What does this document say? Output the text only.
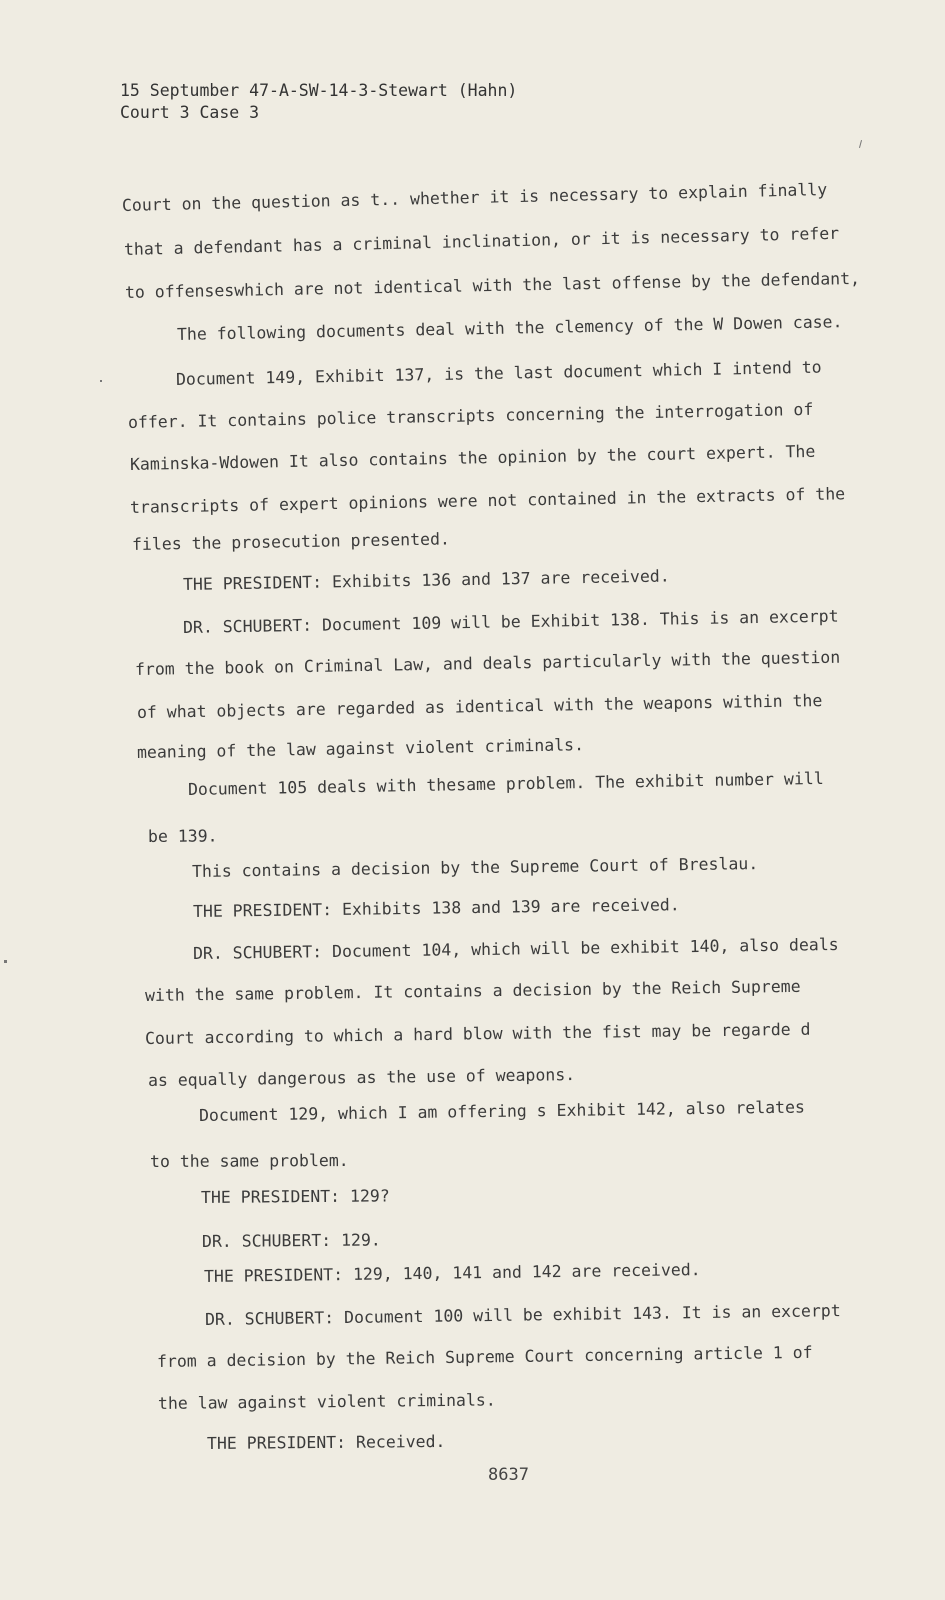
15 Septumber 47-A-SW-14-3-Stewart (Hahn)
Court 3 Case 3
Court on the question as t.. whether it is necessary to explain finally
that a defendant has a criminal inclination, or it is necessary to refer
to offenseswhich are not identical with the last offense by the defendant,
The following documents deal with the clemency of the W Dowen case.
Document 149, Exhibit 137, is the last document which I intend to
offer. It contains police transcripts concerning the interrogation of
Kaminska-Wdowen It also contains the opinion by the court expert. The
transcripts of expert opinions were not contained in the extracts of the
files the prosecution presented.
THE PRESIDENT: Exhibits 136 and 137 are received.
DR. SCHUBERT: Document 109 will be Exhibit 138. This is an excerpt
from the book on Criminal Law, and deals particularly with the question
of what objects are regarded as identical with the weapons within the
meaning of the law against violent criminals.
Document 105 deals with thesame problem. The exhibit number will
be 139.
This contains a decision by the Supreme Court of Breslau.
THE PRESIDENT: Exhibits 138 and 139 are received.
DR. SCHUBERT: Document 104, which will be exhibit 140, also deals
with the same problem. It contains a decision by the Reich Supreme
Court according to which a hard blow with the fist may be regarde d
as equally dangerous as the use of weapons.
Document 129, which I am offering s Exhibit 142, also relates
to the same problem.
THE PRESIDENT: 129?
DR. SCHUBERT: 129.
THE PRESIDENT: 129, 140, 141 and 142 are received.
DR. SCHUBERT: Document 100 will be exhibit 143. It is an excerpt
from a decision by the Reich Supreme Court concerning article 1 of
the law against violent criminals.
THE PRESIDENT: Received.
8637
